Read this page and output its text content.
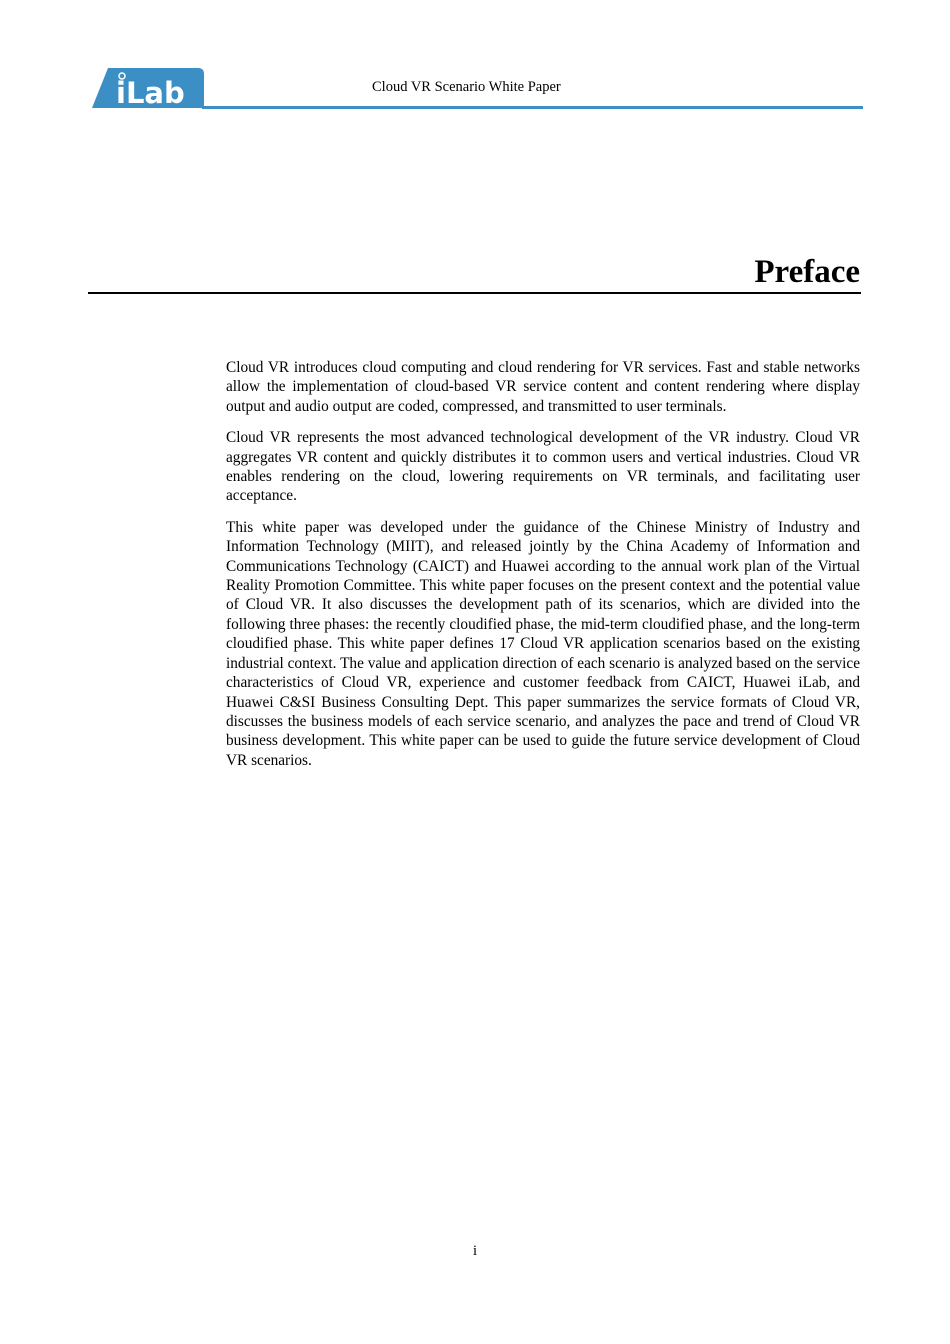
iLab	Cloud VR Scenario White Paper
Preface

Cloud VR introduces cloud computing and cloud rendering for VR services. Fast and stable networks allow the implementation of cloud-based VR service content and content rendering where display output and audio output are coded, compressed, and transmitted to user terminals.

Cloud VR represents the most advanced technological development of the VR industry. Cloud VR aggregates VR content and quickly distributes it to common users and vertical industries. Cloud VR enables rendering on the cloud, lowering requirements on VR terminals, and facilitating user acceptance.

This white paper was developed under the guidance of the Chinese Ministry of Industry and Information Technology (MIIT), and released jointly by the China Academy of Information and Communications Technology (CAICT) and Huawei according to the annual work plan of the Virtual Reality Promotion Committee. This white paper focuses on the present context and the potential value of Cloud VR. It also discusses the development path of its scenarios, which are divided into the following three phases: the recently cloudified phase, the mid-term cloudified phase, and the long-term cloudified phase. This white paper defines 17 Cloud VR application scenarios based on the existing industrial context. The value and application direction of each scenario is analyzed based on the service characteristics of Cloud VR, experience and customer feedback from CAICT, Huawei iLab, and Huawei C&SI Business Consulting Dept. This paper summarizes the service formats of Cloud VR, discusses the business models of each service scenario, and analyzes the pace and trend of Cloud VR business development. This white paper can be used to guide the future service development of Cloud VR scenarios.

i
